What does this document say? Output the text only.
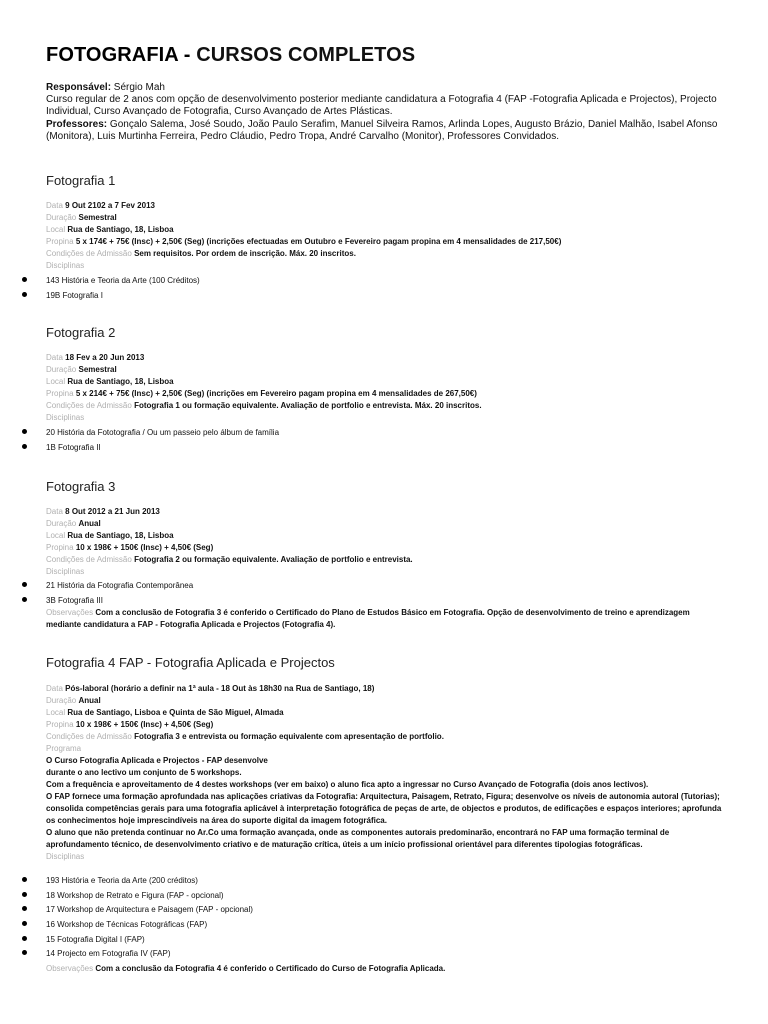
FOTOGRAFIA - CURSOS COMPLETOS
Responsável: Sérgio Mah
Curso regular de 2 anos com opção de desenvolvimento posterior mediante candidatura a Fotografia 4 (FAP -Fotografia Aplicada e Projectos), Projecto Individual, Curso Avançado de Fotografia, Curso Avançado de Artes Plásticas.
Professores: Gonçalo Salema, José Soudo, João Paulo Serafim, Manuel Silveira Ramos, Arlinda Lopes, Augusto Brázio, Daniel Malhão, Isabel Afonso (Monitora), Luis Murtinha Ferreira, Pedro Cláudio, Pedro Tropa, André Carvalho (Monitor), Professores Convidados.
Fotografia 1
Data 9 Out 2102 a 7 Fev 2013
Duração Semestral
Local Rua de Santiago, 18, Lisboa
Propina 5 x 174€ + 75€ (Insc) + 2,50€ (Seg) (incrições efectuadas em Outubro e Fevereiro pagam propina em 4 mensalidades de 217,50€)
Condições de Admissão Sem requisitos. Por ordem de inscrição. Máx. 20 inscritos.
Disciplinas
143 História e Teoria da Arte (100 Créditos)
19B Fotografia I
Fotografia 2
Data 18 Fev a 20 Jun 2013
Duração Semestral
Local Rua de Santiago, 18, Lisboa
Propina 5 x 214€ + 75€ (Insc) + 2,50€ (Seg) (incrições em Fevereiro pagam propina em 4 mensalidades de 267,50€)
Condições de Admissão Fotografia 1 ou formação equivalente. Avaliação de portfolio e entrevista. Máx. 20 inscritos.
Disciplinas
20 História da Fototografia / Ou um passeio pelo álbum de família
1B Fotografia II
Fotografia 3
Data 8 Out 2012 a 21 Jun 2013
Duração Anual
Local Rua de Santiago, 18, Lisboa
Propina 10 x 198€ + 150€ (Insc) + 4,50€ (Seg)
Condições de Admissão Fotografia 2 ou formação equivalente. Avaliação de portfolio e entrevista.
Disciplinas
21 História da Fotografia Contemporânea
3B Fotografia III
Observações Com a conclusão de Fotografia 3 é conferido o Certificado do Plano de Estudos Básico em Fotografia. Opção de desenvolvimento de treino e aprendizagem mediante candidatura a FAP - Fotografia Aplicada e Projectos (Fotografia 4).
Fotografia 4 FAP - Fotografia Aplicada e Projectos
Data Pós-laboral (horário a definir na 1ª aula - 18 Out às 18h30 na Rua de Santiago, 18)
Duração Anual
Local Rua de Santiago, Lisboa e Quinta de São Miguel, Almada
Propina 10 x 198€ + 150€ (Insc) + 4,50€ (Seg)
Condições de Admissão Fotografia 3 e entrevista ou formação equivalente com apresentação de portfolio.
Programa

O Curso Fotografia Aplicada e Projectos - FAP desenvolve

durante o ano lectivo um conjunto de 5 workshops.

Com a frequência e aproveitamento de 4 destes workshops (ver em baixo) o aluno fica apto a ingressar no Curso Avançado de Fotografia (dois anos lectivos).

O FAP fornece uma formação aprofundada nas aplicações criativas da Fotografia: Arquitectura, Paisagem, Retrato, Figura; desenvolve os níveis de autonomia autoral (Tutorias); consolida competências gerais para uma fotografia aplicável à interpretação fotográfica de peças de arte, de objectos e produtos, de edificações e espaços interiores; aprofunda os conhecimentos hoje imprescindíveis na área do suporte digital da imagem fotográfica.

O aluno que não pretenda continuar no Ar.Co uma formação avançada, onde as componentes autorais predominarão, encontrará no FAP uma formação terminal de aprofundamento técnico, de desenvolvimento criativo e de maturação crítica, úteis a um início profissional orientável para diferentes tipologias fotográficas.

Disciplinas
193 História e Teoria da Arte (200 créditos)
18 Workshop de Retrato e Figura (FAP - opcional)
17 Workshop de Arquitectura e Paisagem (FAP - opcional)
16 Workshop de Técnicas Fotográficas (FAP)
15 Fotografia Digital I (FAP)
14 Projecto em Fotografia IV (FAP)
Observações Com a conclusão da Fotografia 4 é conferido o Certificado do Curso de Fotografia Aplicada.
